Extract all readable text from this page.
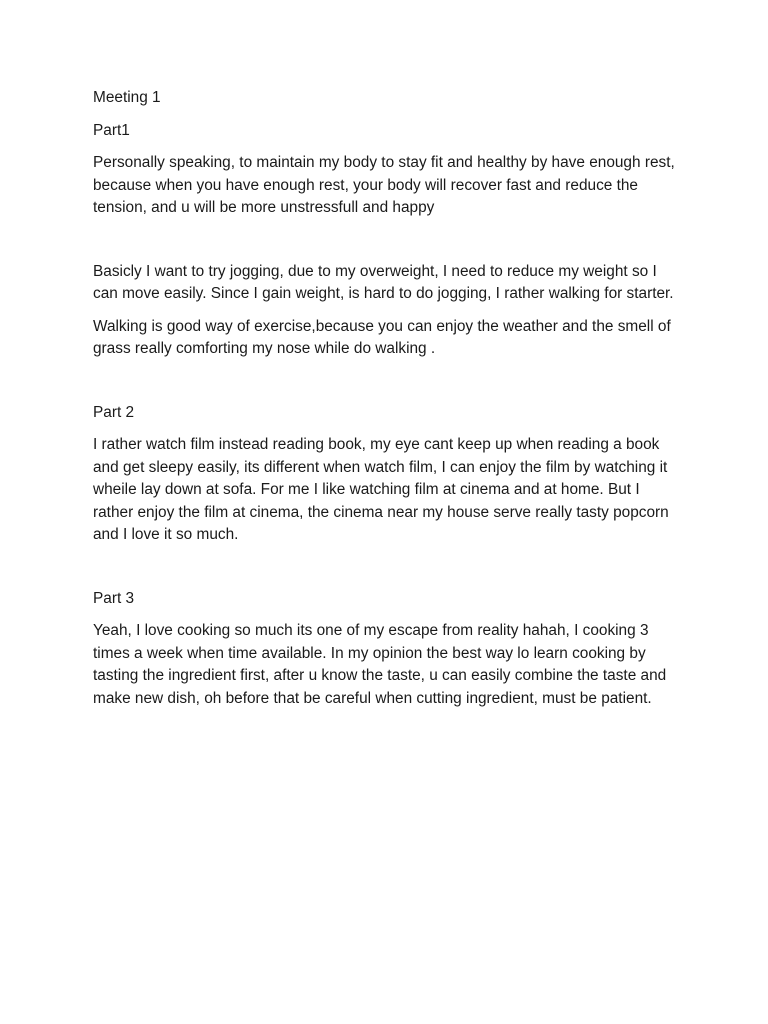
Meeting 1

Part1

Personally speaking, to maintain my body to stay fit and healthy by have enough rest, because when you have enough rest, your body will recover fast and reduce the tension, and u will be more unstressfull and happy

Basicly I want to try jogging, due to my overweight, I need to reduce my weight so I can move easily. Since I gain weight, is hard to do jogging, I rather walking for starter.

Walking is good way of exercise,because you can enjoy the weather and the smell of grass really comforting my nose while do walking .

Part 2

I rather watch film instead reading book, my eye cant keep up when reading a book and get sleepy easily, its different when watch film, I can enjoy the film by watching it wheile lay down at sofa. For me I like watching film at cinema and at home. But I rather enjoy the film at cinema, the cinema near my house serve really tasty popcorn and I love it so much.

Part 3

Yeah, I love cooking so much its one of my escape from reality hahah, I cooking 3 times a week when time available. In my opinion the best way lo learn cooking by tasting the ingredient first, after u know the taste, u can easily combine the taste and make new dish, oh before that be careful when cutting ingredient, must be patient.
